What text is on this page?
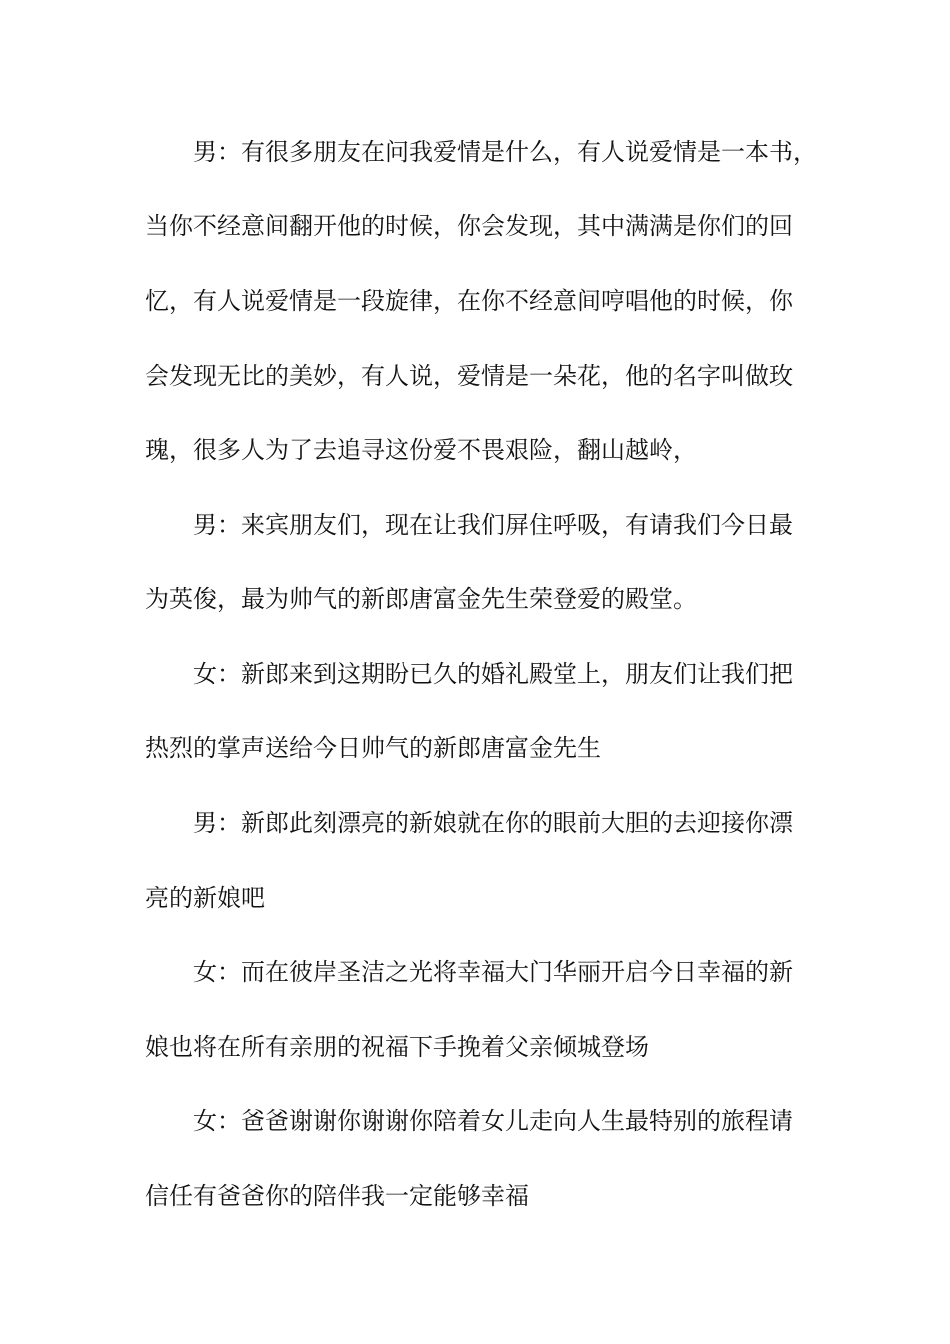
　　男：有很多朋友在问我爱情是什么，有人说爱情是一本书，

当你不经意间翻开他的时候，你会发现，其中满满是你们的回

忆，有人说爱情是一段旋律，在你不经意间哼唱他的时候，你

会发现无比的美妙，有人说，爱情是一朵花，他的名字叫做玫

瑰，很多人为了去追寻这份爱不畏艰险，翻山越岭，

　　男：来宾朋友们，现在让我们屏住呼吸，有请我们今日最

为英俊，最为帅气的新郎唐富金先生荣登爱的殿堂。

　　女：新郎来到这期盼已久的婚礼殿堂上，朋友们让我们把

热烈的掌声送给今日帅气的新郎唐富金先生

　　男：新郎此刻漂亮的新娘就在你的眼前大胆的去迎接你漂

亮的新娘吧

　　女：而在彼岸圣洁之光将幸福大门华丽开启今日幸福的新

娘也将在所有亲朋的祝福下手挽着父亲倾城登场

　　女：爸爸谢谢你谢谢你陪着女儿走向人生最特别的旅程请

信任有爸爸你的陪伴我一定能够幸福
